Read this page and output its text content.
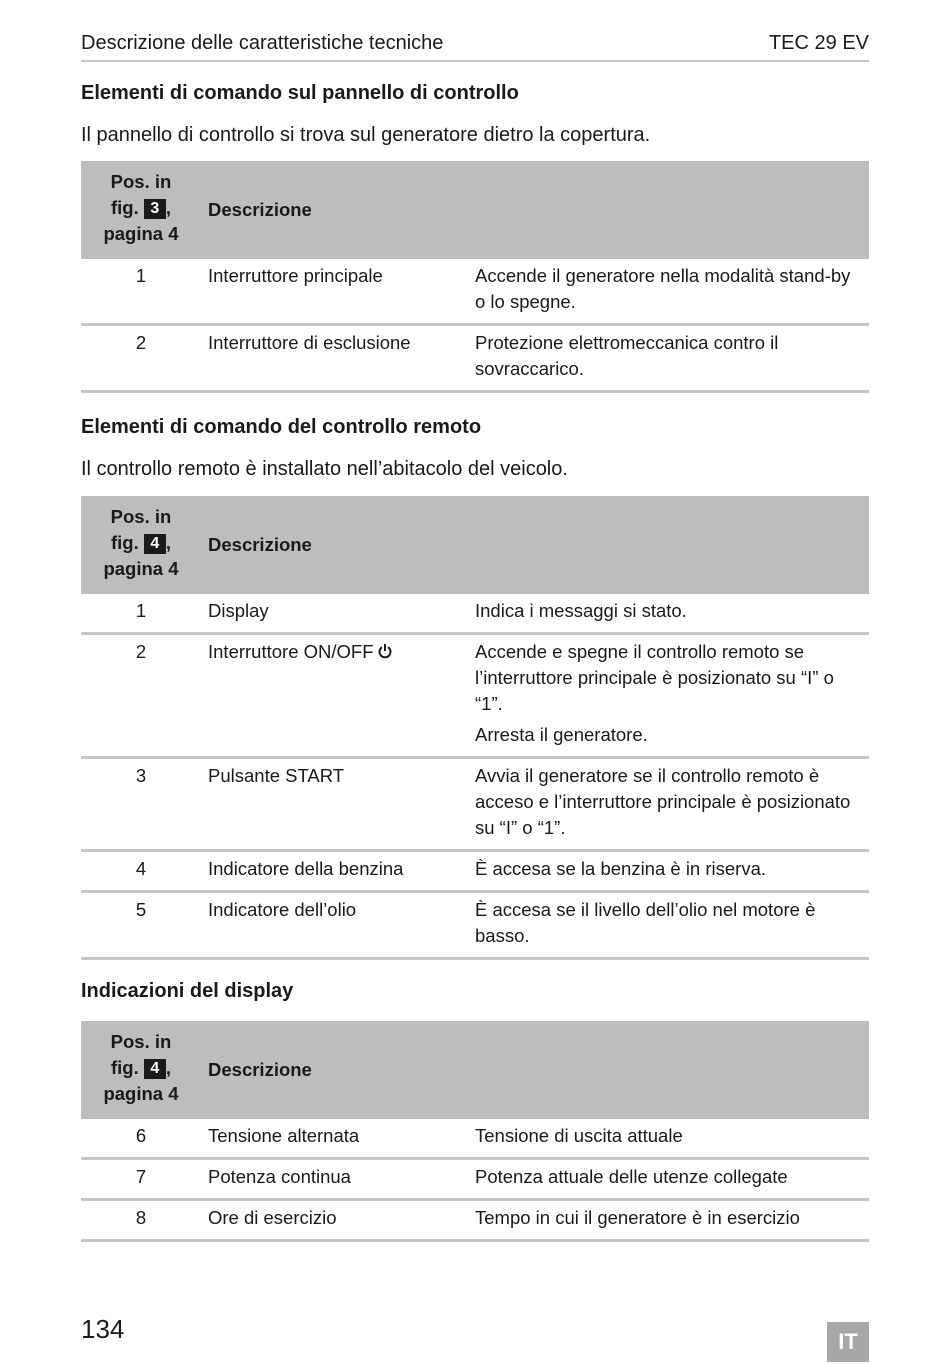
Descrizione delle caratteristiche tecniche	TEC 29 EV
Elementi di comando sul pannello di controllo

Il pannello di controllo si trova sul generatore dietro la copertura.

Pos. in
fig. 3 ,
pagina 4	Descrizione	
1	Interruttore principale	Accende il generatore nella modalità stand-by o lo spegne.
2	Interruttore di esclusione	Protezione elettromeccanica contro il sovraccarico.
Elementi di comando del controllo remoto

Il controllo remoto è installato nell’abitacolo del veicolo.

Pos. in
fig. 4 ,
pagina 4	Descrizione	
1	Display	Indica i messaggi si stato.
2	Interruttore ON/OFF	Accende e spegne il controllo remoto se l’interruttore principale è posizionato su “I” o “1”.

Arresta il generatore.

3	Pulsante START	Avvia il generatore se il controllo remoto è acceso e l’interruttore principale è posizionato su “I” o “1”.
4	Indicatore della benzina	È accesa se la benzina è in riserva.
5	Indicatore dell’olio	È accesa se il livello dell’olio nel motore è basso.
Indicazioni del display
Pos. in
fig. 4 ,
pagina 4	Descrizione	
6	Tensione alternata	Tensione di uscita attuale
7	Potenza continua	Potenza attuale delle utenze collegate
8	Ore di esercizio	Tempo in cui il generatore è in esercizio
134	IT
